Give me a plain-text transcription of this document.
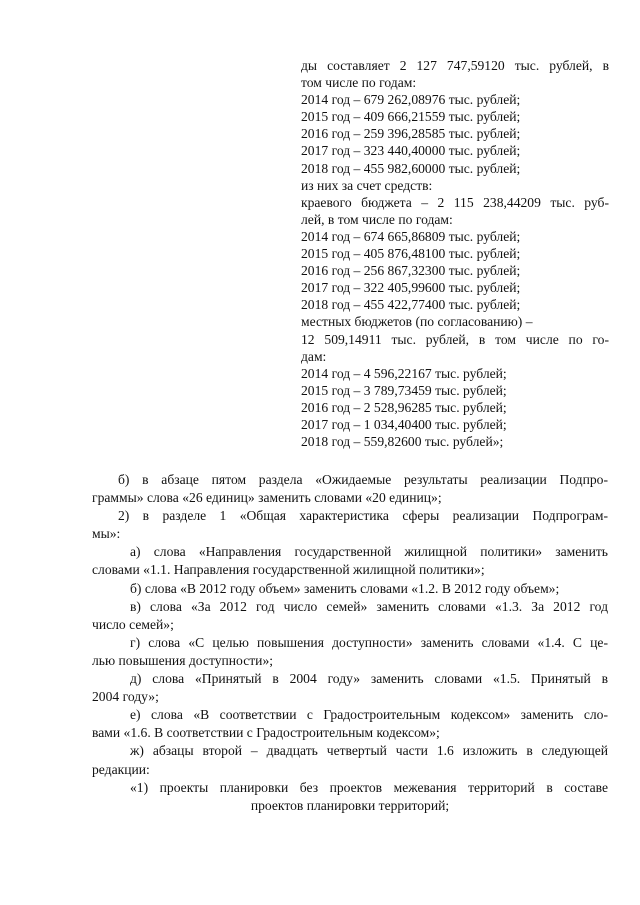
ды составляет 2 127 747,59120 тыс. рублей, в
том числе по годам:
2014 год – 679 262,08976 тыс. рублей;
2015 год – 409 666,21559 тыс. рублей;
2016 год – 259 396,28585 тыс. рублей;
2017 год – 323 440,40000 тыс. рублей;
2018 год – 455 982,60000 тыс. рублей;
из них за счет средств:
краевого бюджета – 2 115 238,44209 тыс. руб-
лей, в том числе по годам:
2014 год – 674 665,86809 тыс. рублей;
2015 год – 405 876,48100 тыс. рублей;
2016 год – 256 867,32300 тыс. рублей;
2017 год – 322 405,99600 тыс. рублей;
2018 год – 455 422,77400 тыс. рублей;
местных бюджетов (по согласованию) –
12 509,14911 тыс. рублей, в том числе по го-
дам:
2014 год – 4 596,22167 тыс. рублей;
2015 год – 3 789,73459 тыс. рублей;
2016 год – 2 528,96285 тыс. рублей;
2017 год – 1 034,40400 тыс. рублей;
2018 год – 559,82600 тыс. рублей»;

б) в абзаце пятом раздела «Ожидаемые результаты реализации Подпро-

граммы» слова «26 единиц» заменить словами «20 единиц»;

2) в разделе 1 «Общая характеристика сферы реализации Подпрограм-

мы»:

а) слова «Направления государственной жилищной политики» заменить

словами «1.1. Направления государственной жилищной политики»;

б) слова «В 2012 году объем» заменить словами «1.2. В 2012 году объем»;

в) слова «За 2012 год число семей» заменить словами «1.3. За 2012 год

число семей»;

г) слова «С целью повышения доступности» заменить словами «1.4. С це-

лью повышения доступности»;

д) слова «Принятый в 2004 году» заменить словами «1.5. Принятый в

2004 году»;

е) слова «В соответствии с Градостроительным кодексом» заменить сло-

вами «1.6. В соответствии с Градостроительным кодексом»;

ж) абзацы второй – двадцать четвертый части 1.6 изложить в следующей

редакции:

«1) проекты планировки без проектов межевания территорий в составе

проектов планировки территорий;
